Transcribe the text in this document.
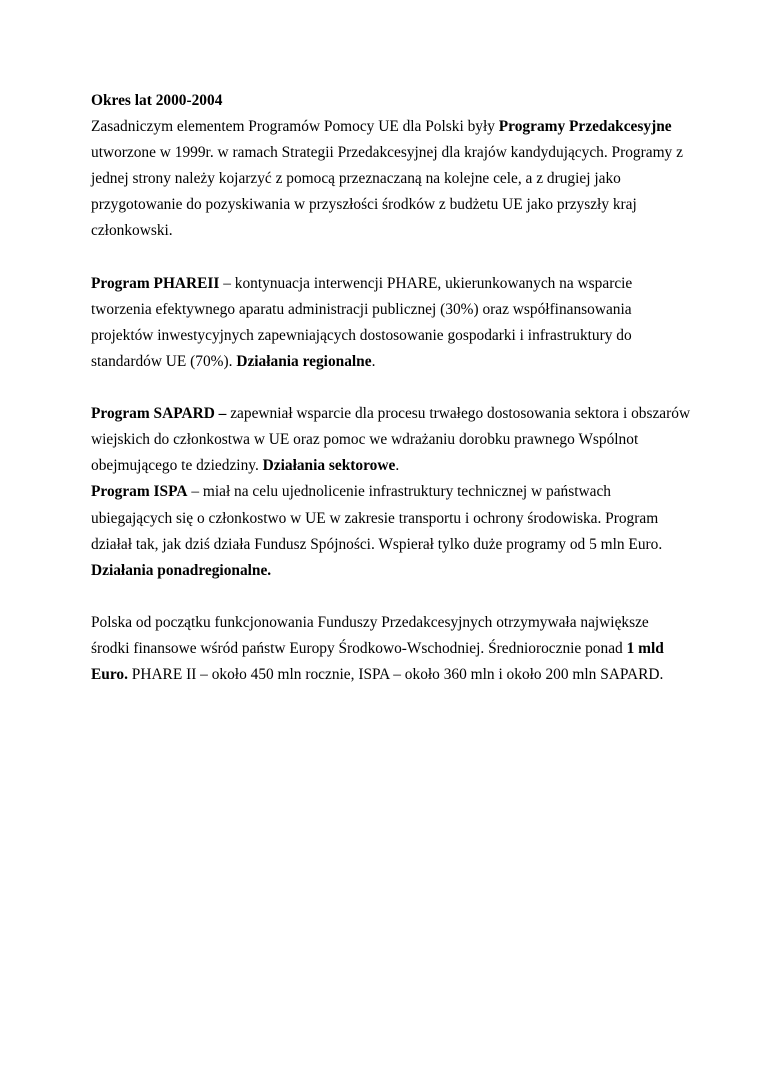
Okres lat 2000-2004

Zasadniczym elementem Programów Pomocy UE dla Polski były Programy Przedakcesyjne utworzone w 1999r. w ramach Strategii Przedakcesyjnej dla krajów kandydujących. Programy z jednej strony należy kojarzyć z pomocą przeznaczaną na kolejne cele, a z drugiej jako przygotowanie do pozyskiwania w przyszłości środków z budżetu UE jako przyszły kraj członkowski.

Program PHAREII – kontynuacja interwencji PHARE, ukierunkowanych na wsparcie tworzenia efektywnego aparatu administracji publicznej (30%) oraz współfinansowania projektów inwestycyjnych zapewniających dostosowanie gospodarki i infrastruktury do standardów UE (70%). Działania regionalne.

Program SAPARD – zapewniał wsparcie dla procesu trwałego dostosowania sektora i obszarów wiejskich do członkostwa w UE oraz pomoc we wdrażaniu dorobku prawnego Wspólnot obejmującego te dziedziny. Działania sektorowe.

Program ISPA – miał na celu ujednolicenie infrastruktury technicznej w państwach ubiegających się o członkostwo w UE w zakresie transportu i ochrony środowiska. Program działał tak, jak dziś działa Fundusz Spójności. Wspierał tylko duże programy od 5 mln Euro. Działania ponadregionalne.

Polska od początku funkcjonowania Funduszy Przedakcesyjnych otrzymywała największe środki finansowe wśród państw Europy Środkowo-Wschodniej. Średniorocznie ponad 1 mld Euro. PHARE II – około 450 mln rocznie, ISPA – około 360 mln i około 200 mln SAPARD.
